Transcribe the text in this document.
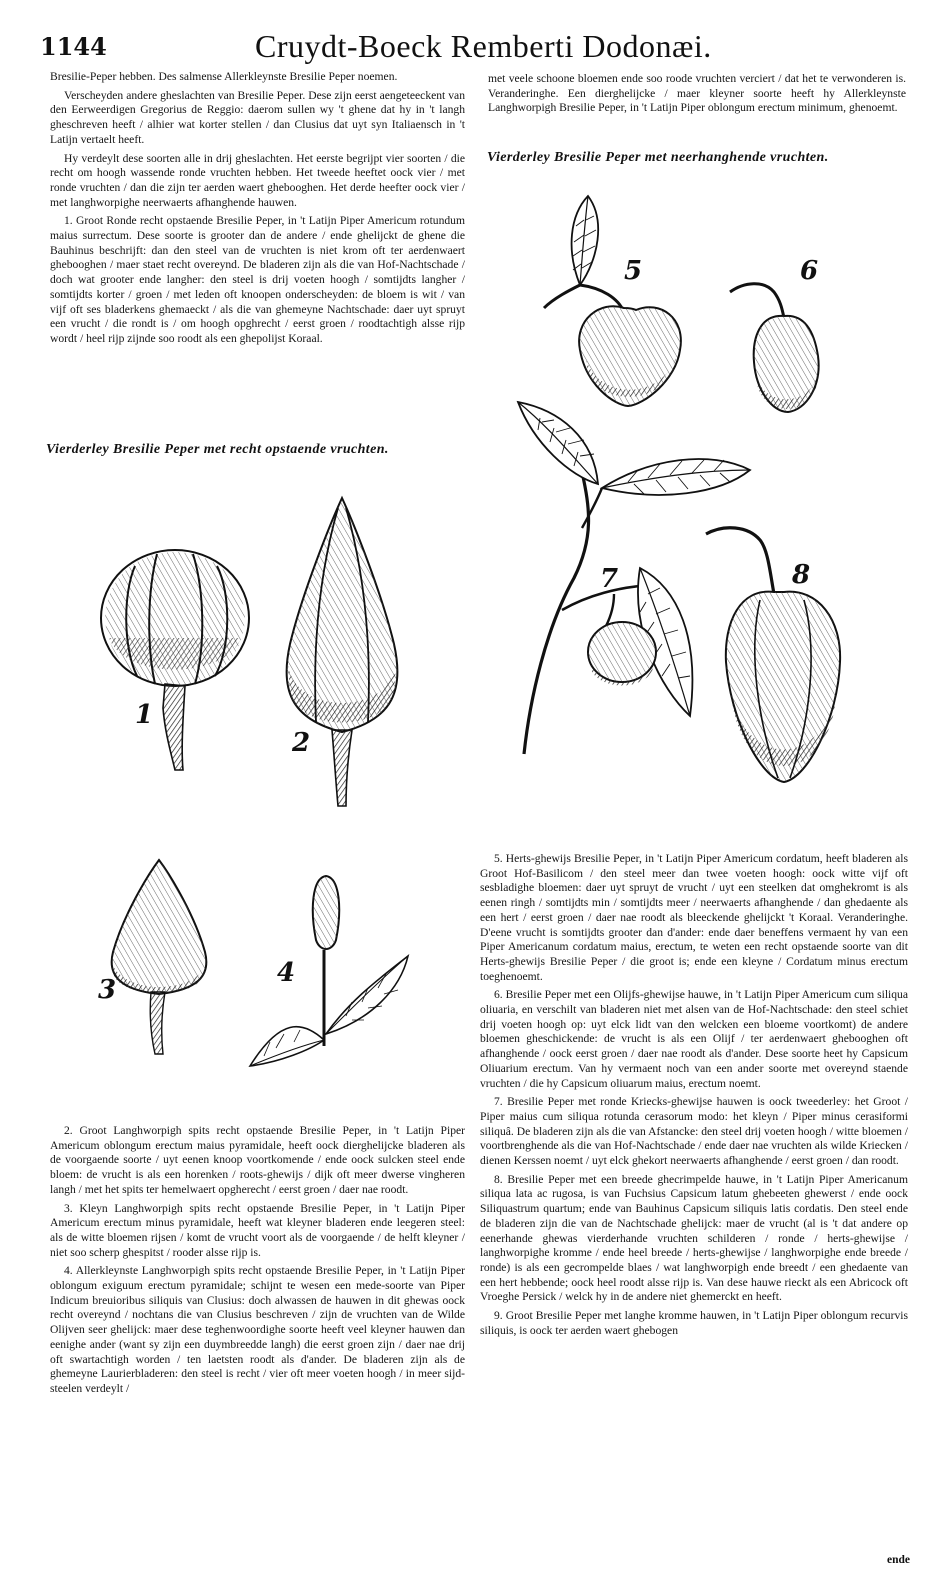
1144	Cruydt-Boeck Remberti Dodonæi.

Bresilie-Peper hebben. Des salmense Allerkleynste Bresilie Peper noemen.

Verscheyden andere gheslachten van Bresilie Peper. Dese zijn eerst aengeteeckent van den Eerweerdigen Gregorius de Reggio: daerom sullen wy 't ghene dat hy in 't langh gheschreven heeft / alhier wat korter stellen / dan Clusius dat uyt syn Italiaensch in 't Latijn vertaelt heeft.

Hy verdeylt dese soorten alle in drij gheslachten. Het eerste begrijpt vier soorten / die recht om hoogh wassende ronde vruchten hebben. Het tweede heeftet oock vier / met ronde vruchten / dan die zijn ter aerden waert ghebooghen. Het derde heefter oock vier / met langhworpighe neerwaerts afhanghende hauwen.

1. Groot Ronde recht opstaende Bresilie Peper, in 't Latijn Piper Americum rotundum maius surrectum. Dese soorte is grooter dan de andere / ende ghelijckt de ghene die Bauhinus beschrijft: dan den steel van de vruchten is niet krom oft ter aerdenwaert ghebooghen / maer staet recht overeynd. De bladeren zijn als die van Hof-Nachtschade / doch wat grooter ende langher: den steel is drij voeten hoogh / somtijdts langher / somtijdts korter / groen / met leden oft knoopen onderscheyden: de bloem is wit / van vijf oft ses bladerkens ghemaeckt / als die van ghemeyne Nachtschade: daer uyt spruyt een vrucht / die rondt is / om hoogh opghrecht / eerst groen / roodtachtigh alsse rijp wordt / heel rijp zijnde soo roodt als een ghepolijst Koraal.

Vierderley Bresilie Peper met recht opstaende vruchten.

met veele schoone bloemen ende soo roode vruchten verciert / dat het te verwonderen is. Veranderinghe. Een dierghelijcke / maer kleyner soorte heeft hy Allerkleynste Langhworpigh Bresilie Peper, in 't Latijn Piper oblongum erectum minimum, ghenoemt.

Vierderley Bresilie Peper met neerhanghende vruchten.
1
2
5	6
7	8
3
4

5. Herts-ghewijs Bresilie Peper, in 't Latijn Piper Americum cordatum, heeft bladeren als Groot Hof-Basilicom / den steel meer dan twee voeten hoogh: oock witte vijf oft sesbladighe bloemen: daer uyt spruyt de vrucht / uyt een steelken dat omghekromt is als eenen ringh / somtijdts min / somtijdts meer / neerwaerts afhanghende / dan ghedaente als een hert / eerst groen / daer nae roodt als bleeckende ghelijckt 't Koraal. Veranderinghe. D'eene vrucht is somtijdts grooter dan d'ander: ende daer beneffens vermaent hy van een Piper Americanum cordatum maius, erectum, te weten een recht opstaende soorte van dit Herts-ghewijs Bresilie Peper / die groot is; ende een kleyne / Cordatum minus erectum toeghenoemt.

6. Bresilie Peper met een Olijfs-ghewijse hauwe, in 't Latijn Piper Americum cum siliqua oliuaria, en verschilt van bladeren niet met alsen van de Hof-Nachtschade: den steel schiet drij voeten hoogh op: uyt elck lidt van den welcken een bloeme voortkomt) de andere bloemen gheschickende: de vrucht is als een Olijf / ter aerdenwaert ghebooghen oft afhanghende / oock eerst groen / daer nae roodt als d'ander. Dese soorte heet hy Capsicum Oliuarium erectum. Van hy vermaent noch van een ander soorte met overeynd staende vruchten / die hy Capsicum oliuarum maius, erectum noemt.

7. Bresilie Peper met ronde Kriecks-ghewijse hauwen is oock tweederley: het Groot / Piper maius cum siliqua rotunda cerasorum modo: het kleyn / Piper minus cerasiformi siliquâ. De bladeren zijn als die van Afstancke: den steel drij voeten hoogh / witte bloemen / voortbrenghende als die van Hof-Nachtschade / ende daer nae vruchten als wilde Kriecken / dienen Kerssen noemt / uyt elck ghekort neerwaerts afhanghende / eerst groen / dan roodt.

8. Bresilie Peper met een breede ghecrimpelde hauwe, in 't Latijn Piper Americanum siliqua lata ac rugosa, is van Fuchsius Capsicum latum ghebeeten ghewerst / ende oock Siliquastrum quartum; ende van Bauhinus Capsicum siliquis latis cordatis. Den steel ende de bladeren zijn die van de Nachtschade ghelijck: maer de vrucht (al is 't dat andere op eenerhande ghewas vierderhande vruchten schilderen / ronde / herts-ghewijse / langhworpighe kromme / ende heel breede / herts-ghewijse / langhworpighe ende breede / ronde) is als een gecrompelde blaes / wat langhworpigh ende breedt / een ghedaente van een hert hebbende; oock heel roodt alsse rijp is. Van dese hauwe rieckt als een Abricock oft Vroeghe Persick / welck hy in de andere niet ghemerckt en heeft.

9. Groot Bresilie Peper met langhe kromme hauwen, in 't Latijn Piper oblongum recurvis siliquis, is oock ter aerden waert ghebogen

2. Groot Langhworpigh spits recht opstaende Bresilie Peper, in 't Latijn Piper Americum oblongum erectum maius pyramidale, heeft oock dierghelijcke bladeren als de voorgaende soorte / uyt eenen knoop voortkomende / ende oock sulcken steel ende bloem: de vrucht is als een horenken / roots-ghewijs / dijk oft meer dwerse vingheren langh / met het spits ter hemelwaert opgherecht / eerst groen / daer nae roodt.

3. Kleyn Langhworpigh spits recht opstaende Bresilie Peper, in 't Latijn Piper Americum erectum minus pyramidale, heeft wat kleyner bladeren ende leegeren steel: als de witte bloemen rijsen / komt de vrucht voort als de voorgaende / de helft kleyner / niet soo scherp ghespitst / rooder alsse rijp is.

4. Allerkleynste Langhworpigh spits recht opstaende Bresilie Peper, in 't Latijn Piper oblongum exiguum erectum pyramidale; schijnt te wesen een mede-soorte van Piper Indicum breuioribus siliquis van Clusius: doch alwassen de hauwen in dit ghewas oock recht overeynd / nochtans die van Clusius beschreven / zijn de vruchten van de Wilde Olijven seer ghelijck: maer dese teghenwoordighe soorte heeft veel kleyner hauwen dan eenighe ander (want sy zijn een duymbreedde langh) die eerst groen zijn / daer nae drij oft swartachtigh worden / ten laetsten roodt als d'ander. De bladeren zijn als de ghemeyne Laurierbladeren: den steel is recht / vier oft meer voeten hoogh / in meer sijd-steelen verdeylt /

ende
